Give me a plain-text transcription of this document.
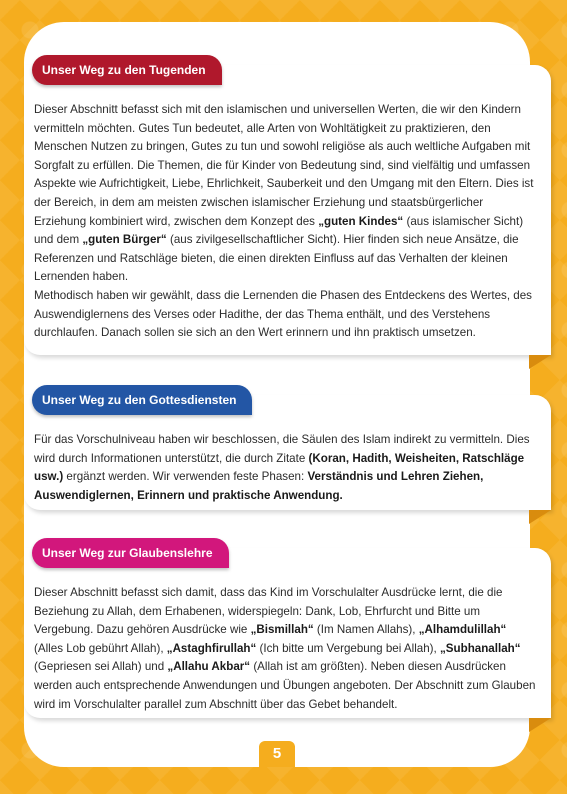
Dieser Abschnitt befasst sich mit den islamischen und universellen Werten, die wir den Kindern vermitteln möchten. Gutes Tun bedeutet, alle Arten von Wohltätigkeit zu praktizieren, den Menschen Nutzen zu bringen, Gutes zu tun und sowohl religiöse als auch weltliche Aufgaben mit Sorgfalt zu erfüllen. Die Themen, die für Kinder von Bedeutung sind, sind vielfältig und umfassen Aspekte wie Aufrichtigkeit, Liebe, Ehrlichkeit, Sauberkeit und den Umgang mit den Eltern. Dies ist der Bereich, in dem am meisten zwischen islamischer Erziehung und staatsbürgerlicher Erziehung kombiniert wird, zwischen dem Konzept des „guten Kindes“ (aus islamischer Sicht) und dem „guten Bürger“ (aus zivilgesellschaftlicher Sicht). Hier finden sich neue Ansätze, die Referenzen und Ratschläge bieten, die einen direkten Einfluss auf das Verhalten der kleinen Lernenden haben.
Methodisch haben wir gewählt, dass die Lernenden die Phasen des Entdeckens des Wertes, des Auswendiglernens des Verses oder Hadithe, der das Thema enthält, und des Verstehens durchlaufen. Danach sollen sie sich an den Wert erinnern und ihn praktisch umsetzen.

Unser Weg zu den Tugenden

Für das Vorschulniveau haben wir beschlossen, die Säulen des Islam indirekt zu vermitteln. Dies wird durch Informationen unterstützt, die durch Zitate (Koran, Hadith, Weisheiten, Ratschläge usw.) ergänzt werden. Wir verwenden feste Phasen: Verständnis und Lehren Ziehen, Auswendiglernen, Erinnern und praktische Anwendung.

Unser Weg zu den Gottesdiensten

Dieser Abschnitt befasst sich damit, dass das Kind im Vorschulalter Ausdrücke lernt, die die Beziehung zu Allah, dem Erhabenen, widerspiegeln: Dank, Lob, Ehrfurcht und Bitte um Vergebung. Dazu gehören Ausdrücke wie „Bismillah“ (Im Namen Allahs), „Alhamdulillah“ (Alles Lob gebührt Allah), „Astaghfirullah“ (Ich bitte um Vergebung bei Allah), „Subhanallah“ (Gepriesen sei Allah) und „Allahu Akbar“ (Allah ist am größten). Neben diesen Ausdrücken werden auch entsprechende Anwendungen und Übungen angeboten. Der Abschnitt zum Glauben wird im Vorschulalter parallel zum Abschnitt über das Gebet behandelt.

Unser Weg zur Glaubenslehre
5
